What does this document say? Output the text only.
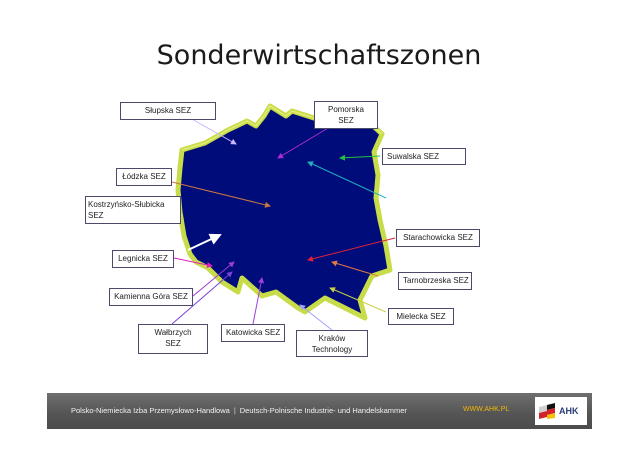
Sonderwirtschaftszonen
Słupska SEZ	Pomorska
SEZ
Suwalska SEZ
Łódzka SEZ
Kostrzyńsko-Słubicka
SEZ
Starachowicka SEZ
Legnicka SEZ
Tarnobrzeska SEZ
Kamienna Góra SEZ
Mielecka SEZ
Wałbrzych
SEZ
Katowicka SEZ
Kraków
Technology
Polsko-Niemiecka Izba Przemysłowo-Handlowa | Deutsch-Polnische Industrie- und Handelskammer	WWW.AHK.PL	AHK
